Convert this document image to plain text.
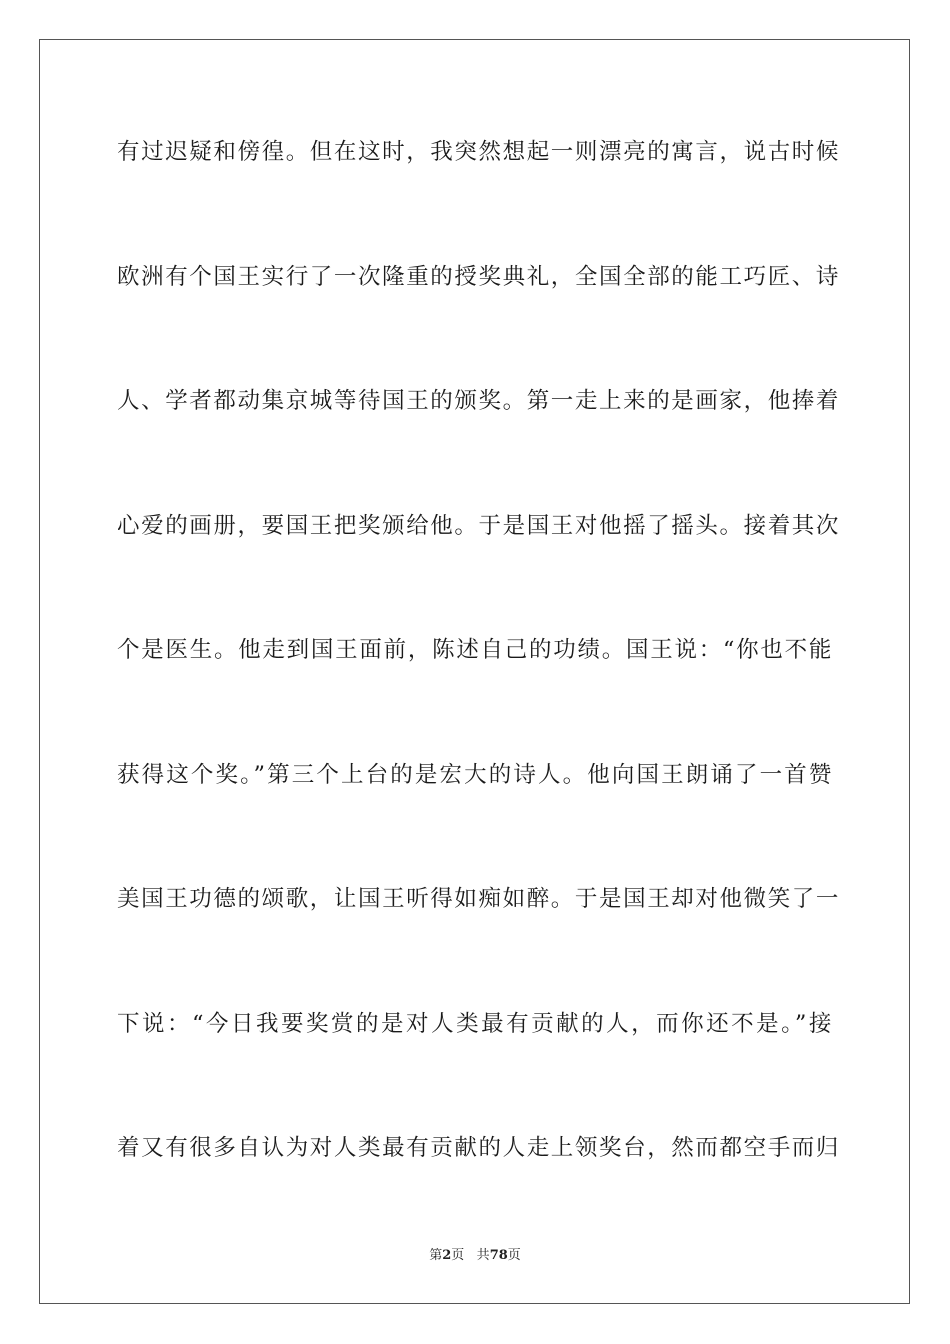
有过迟疑和傍徨。但在这时，我突然想起一则漂亮的寓言，说古时候
欧洲有个国王实行了一次隆重的授奖典礼，全国全部的能工巧匠、诗
人、学者都动集京城等待国王的颁奖。第一走上来的是画家，他捧着
心爱的画册，要国王把奖颁给他。于是国王对他摇了摇头。接着其次
个是医生。他走到国王面前，陈述自己的功绩。国王说：“你也不能
获得这个奖。”第三个上台的是宏大的诗人。他向国王朗诵了一首赞
美国王功德的颂歌，让国王听得如痴如醉。于是国王却对他微笑了一
下说：“今日我要奖赏的是对人类最有贡献的人，而你还不是。”接
着又有很多自认为对人类最有贡献的人走上领奖台，然而都空手而归
第2页 共78页
